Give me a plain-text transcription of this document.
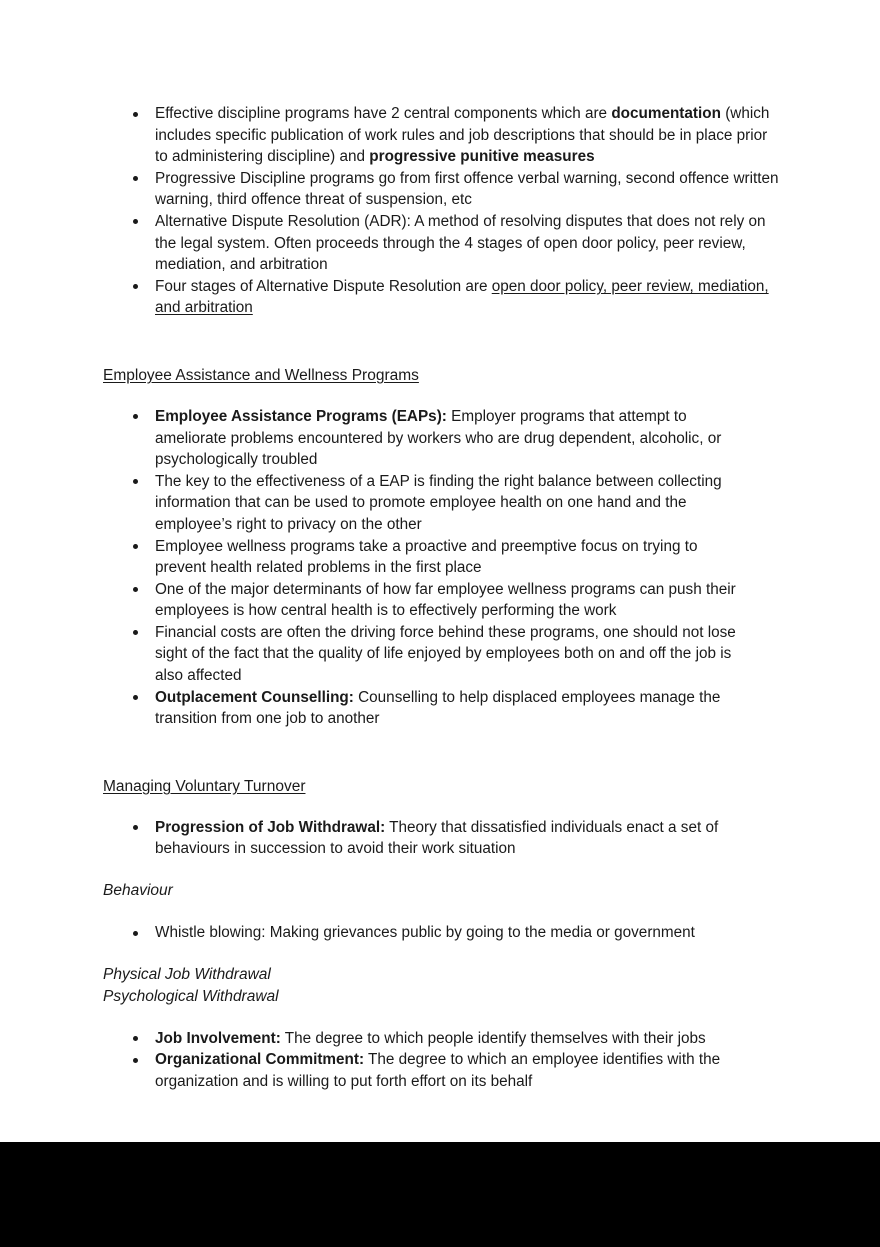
Effective discipline programs have 2 central components which are documentation (which includes specific publication of work rules and job descriptions that should be in place prior to administering discipline) and progressive punitive measures
Progressive Discipline programs go from first offence verbal warning, second offence written warning, third offence threat of suspension, etc
Alternative Dispute Resolution (ADR): A method of resolving disputes that does not rely on the legal system. Often proceeds through the 4 stages of open door policy, peer review, mediation, and arbitration
Four stages of Alternative Dispute Resolution are open door policy, peer review, mediation, and arbitration
Employee Assistance and Wellness Programs
Employee Assistance Programs (EAPs): Employer programs that attempt to ameliorate problems encountered by workers who are drug dependent, alcoholic, or psychologically troubled
The key to the effectiveness of a EAP is finding the right balance between collecting information that can be used to promote employee health on one hand and the employee’s right to privacy on the other
Employee wellness programs take a proactive and preemptive focus on trying to prevent health related problems in the first place
One of the major determinants of how far employee wellness programs can push their employees is how central health is to effectively performing the work
Financial costs are often the driving force behind these programs, one should not lose sight of the fact that the quality of life enjoyed by employees both on and off the job is also affected
Outplacement Counselling: Counselling to help displaced employees manage the transition from one job to another
Managing Voluntary Turnover
Progression of Job Withdrawal: Theory that dissatisfied individuals enact a set of behaviours in succession to avoid their work situation
Behaviour
Whistle blowing: Making grievances public by going to the media or government
Physical Job Withdrawal
Psychological Withdrawal
Job Involvement: The degree to which people identify themselves with their jobs
Organizational Commitment: The degree to which an employee identifies with the organization and is willing to put forth effort on its behalf
